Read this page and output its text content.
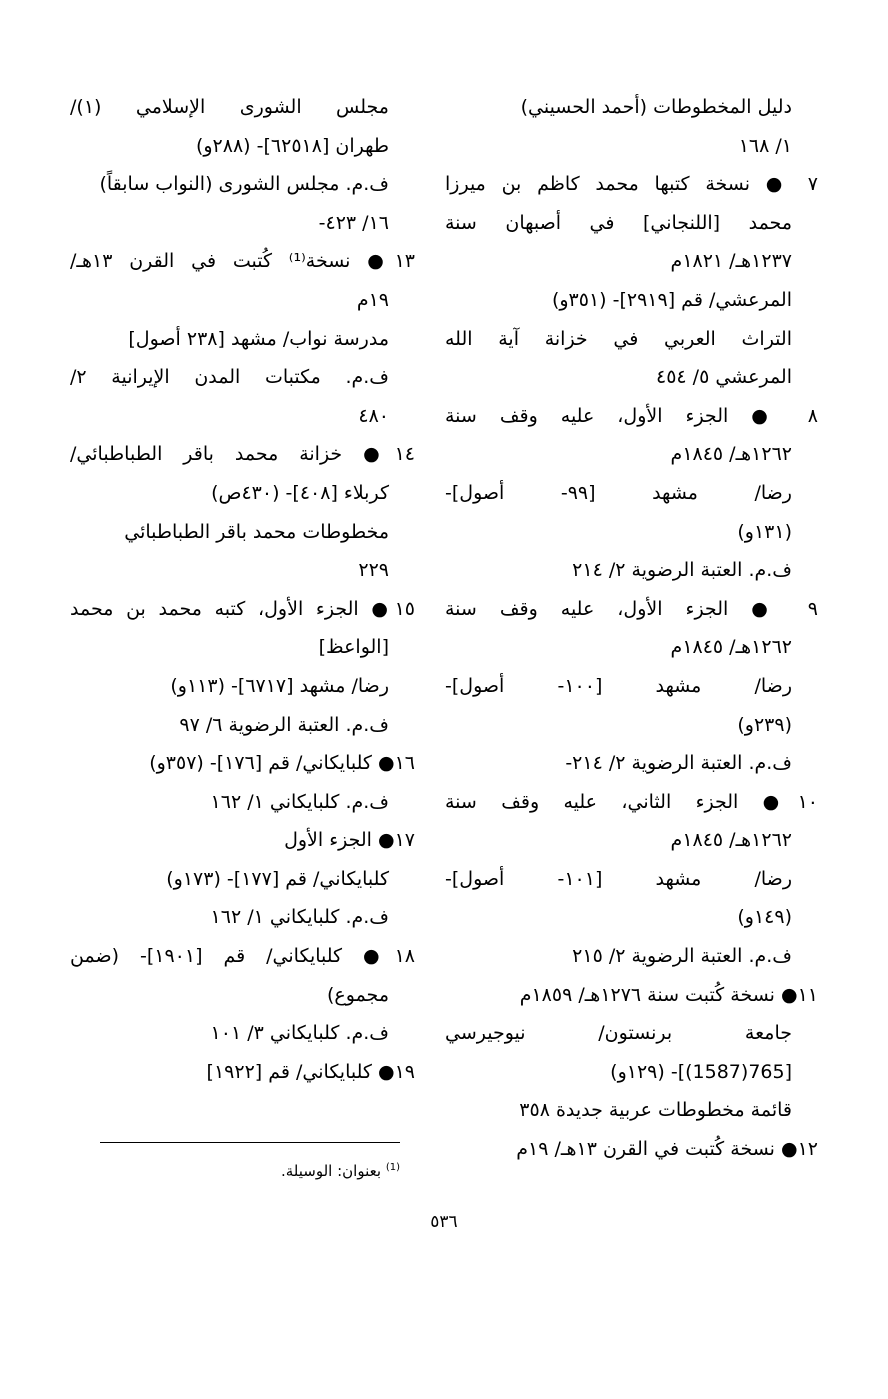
دليل المخطوطات (أحمد الحسيني)
١/ ١٦٨
٧ ● نسخة كتبها محمد كاظم بن ميرزا
محمد [اللنجاني] في أصبهان سنة
١٢٣٧هـ/ ١٨٢١م
المرعشي/ قم [٢٩١٩]- (٣٥١و)
التراث العربي في خزانة آية الله
المرعشي ٥/ ٤٥٤
٨ ● الجزء الأول، عليه وقف سنة
١٢٦٢هـ/ ١٨٤٥م
رضا/ مشهد [٩٩- أصول]-
(١٣١و)
ف.م. العتبة الرضوية ٢/ ٢١٤
٩ ● الجزء الأول، عليه وقف سنة
١٢٦٢هـ/ ١٨٤٥م
رضا/ مشهد [١٠٠- أصول]-
(٢٣٩و)
ف.م. العتبة الرضوية ٢/ ٢١٤-
١٠● الجزء الثاني، عليه وقف سنة
١٢٦٢هـ/ ١٨٤٥م
رضا/ مشهد [١٠١- أصول]-
(١٤٩و)
ف.م. العتبة الرضوية ٢/ ٢١٥
١١● نسخة كُتبت سنة ١٢٧٦هـ/ ١٨٥٩م
جامعة برنستون/ نيوجيرسي
[765(1587)]- (١٢٩و)
قائمة مخطوطات عربية جديدة ٣٥٨
١٢● نسخة كُتبت في القرن ١٣هـ/ ١٩م
مجلس الشورى الإسلامي (١)/
طهران [٦٢٥١٨]- (٢٨٨و)
ف.م. مجلس الشورى (النواب سابقاً)
١٦/ ٤٢٣-
١٣● نسخة⁽¹⁾ كُتبت في القرن ١٣هـ/
١٩م
مدرسة نواب/ مشهد [٢٣٨ أصول]
ف.م. مكتبات المدن الإيرانية ٢/
٤٨٠
١٤● خزانة محمد باقر الطباطبائي/
كربلاء [٤٠٨]- (٤٣٠ص)
مخطوطات محمد باقر الطباطبائي
٢٢٩
١٥● الجزء الأول، كتبه محمد بن محمد
[الواعظ]
رضا/ مشهد [٦٧١٧]- (١١٣و)
ف.م. العتبة الرضوية ٦/ ٩٧
١٦● كلبايكاني/ قم [١٧٦]- (٣٥٧و)
ف.م. كلبايكاني ١/ ١٦٢
١٧● الجزء الأول
كلبايكاني/ قم [١٧٧]- (١٧٣و)
ف.م. كلبايكاني ١/ ١٦٢
١٨● كلبايكاني/ قم [١٩٠١]- (ضمن
مجموع)
ف.م. كلبايكاني ٣/ ١٠١
١٩● كلبايكاني/ قم [١٩٢٢]
$^{(1)}$ بعنوان: الوسيلة.
٥٣٦
